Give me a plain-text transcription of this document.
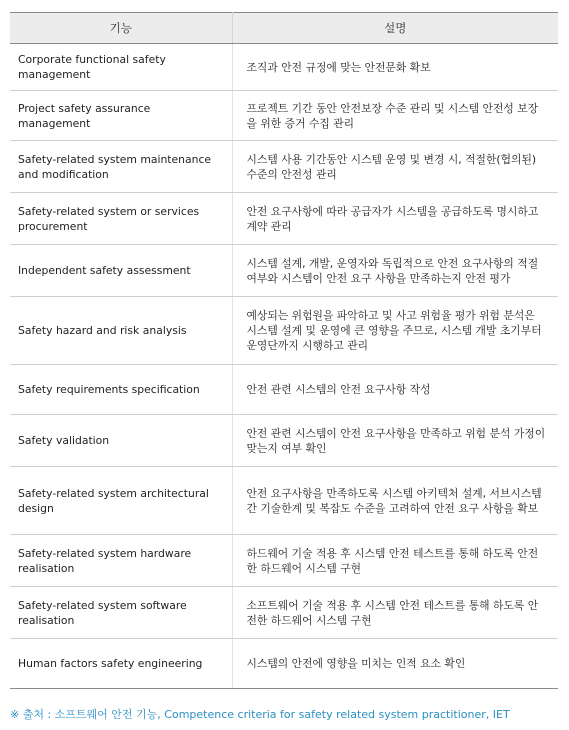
기능	설명
Corporate functional safety management	조직과 안전 규정에 맞는 안전문화 확보
Project safety assurance management	프로젝트 기간 동안 안전보장 수준 관리 및 시스템 안전성 보장을 위한 증거 수집 관리
Safety-related system maintenance and modification	시스템 사용 기간동안 시스템 운영 및 변경 시, 적절한(협의된) 수준의 안전성 관리
Safety-related system or services procurement	안전 요구사항에 따라 공급자가 시스템을 공급하도록 명시하고 계약 관리
Independent safety assessment	시스템 설계, 개발, 운영자와 독립적으로 안전 요구사항의 적절 여부와 시스템이 안전 요구 사항을 만족하는지 안전 평가
Safety hazard and risk analysis	예상되는 위험원을 파악하고 및 사고 위험율 평가 위험 분석은 시스템 설계 및 운영에 큰 영향을 주므로, 시스템 개발 초기부터 운영단까지 시행하고 관리
Safety requirements specification	안전 관련 시스템의 안전 요구사항 작성
Safety validation	안전 관련 시스템이 안전 요구사항을 만족하고 위험 분석 가정이 맞는지 여부 확인
Safety-related system architectural design	안전 요구사항을 만족하도록 시스템 아키텍처 설계, 서브시스템 간 기술한계 및 복잡도 수준을 고려하여 안전 요구 사항을 확보
Safety-related system hardware realisation	하드웨어 기술 적용 후 시스템 안전 테스트를 통해 하도록 안전한 하드웨어 시스템 구현
Safety-related system software realisation	소프트웨어 기술 적용 후 시스템 안전 테스트를 통해 하도록 안전한 하드웨어 시스템 구현
Human factors safety engineering	시스템의 안전에 영향을 미치는 인적 요소 확인
※ 출처 : 소프트웨어 안전 기능, Competence criteria for safety related system practitioner, IET
